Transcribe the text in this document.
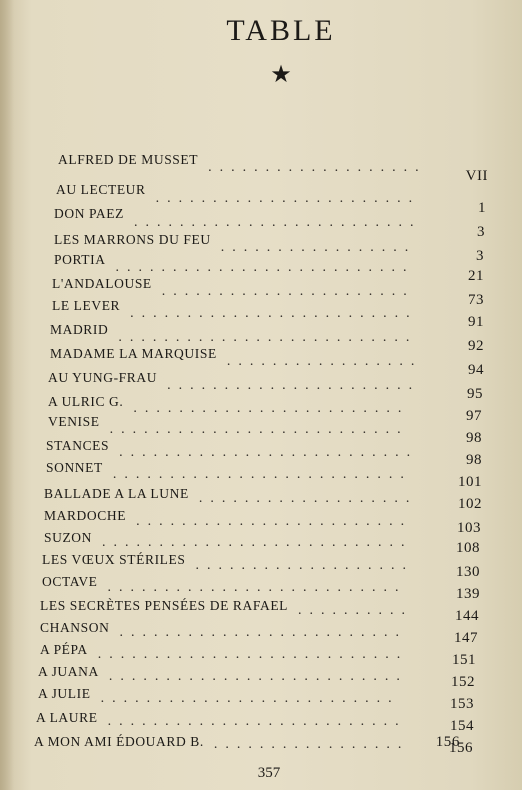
TABLE
★
ALFRED DE MUSSET
VII
...................
AU LECTEUR
1
.......................
DON PAEZ
3
.........................
LES MARRONS DU FEU
3
.................
PORTIA
21
..........................
L'ANDALOUSE
73
......................
LE LEVER
91
.........................
MADRID
92
..........................
MADAME LA MARQUISE
94
.................
AU YUNG-FRAU
95
......................
A ULRIC G.
97
........................
VENISE
98
..........................
STANCES
98
..........................
SONNET
101
..........................
BALLADE A LA LUNE
102
...................
MARDOCHE
103
........................
SUZON
108
...........................
LES VŒUX STÉRILES
130
...................
OCTAVE
139
..........................
LES SECRÈTES PENSÉES DE RAFAEL
144
..........
CHANSON
147
.........................
A PÉPA
151
...........................
A JUANA
152
..........................
A JULIE
153
..........................
A LAURE
154
..........................
A MON AMI ÉDOUARD B.	156
.................	156
357
